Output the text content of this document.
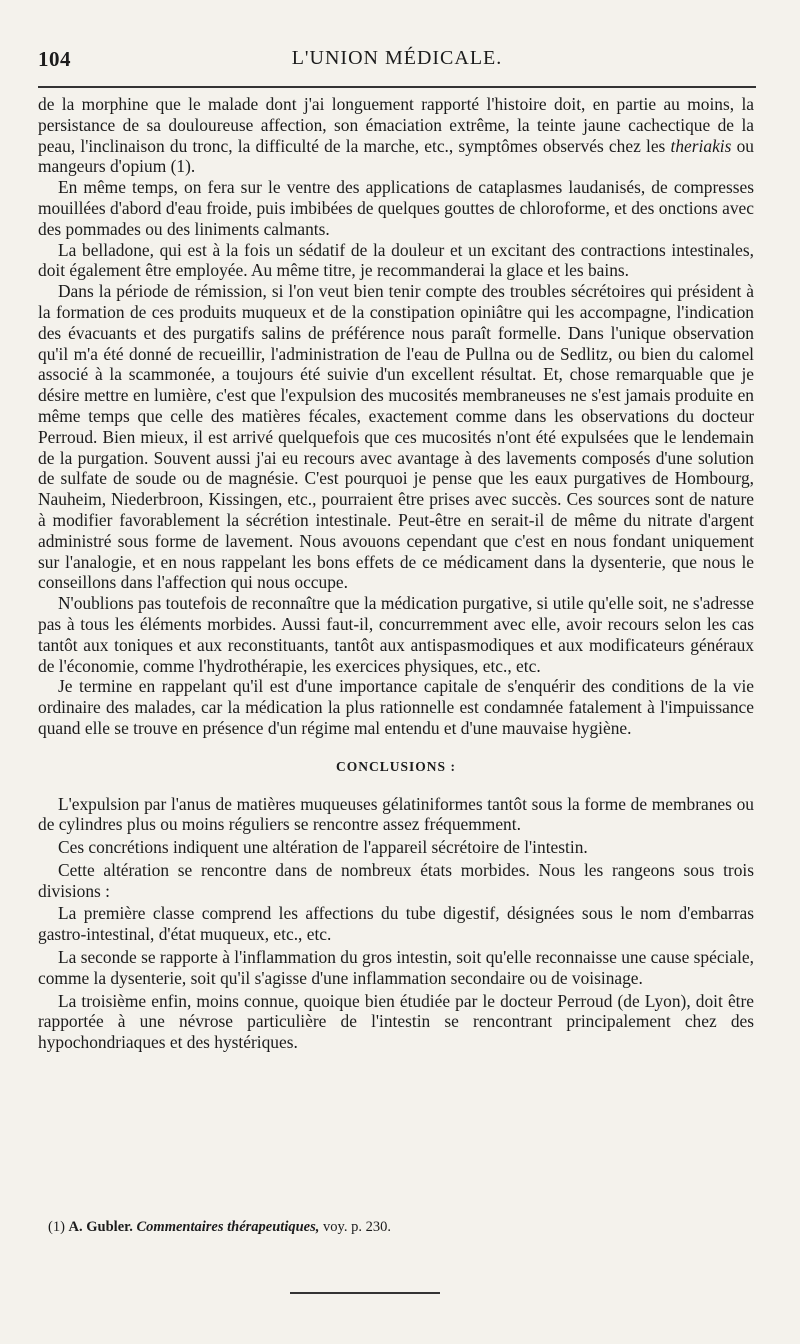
104	L'UNION MÉDICALE.

de la morphine que le malade dont j'ai longuement rapporté l'histoire doit, en partie au moins, la persistance de sa douloureuse affection, son émaciation extrême, la teinte jaune cachectique de la peau, l'inclinaison du tronc, la difficulté de la marche, etc., symptômes observés chez les theriakis ou mangeurs d'opium (1).

En même temps, on fera sur le ventre des applications de cataplasmes laudanisés, de compresses mouillées d'abord d'eau froide, puis imbibées de quelques gouttes de chloroforme, et des onctions avec des pommades ou des liniments calmants.

La belladone, qui est à la fois un sédatif de la douleur et un excitant des contractions intestinales, doit également être employée. Au même titre, je recommanderai la glace et les bains.

Dans la période de rémission, si l'on veut bien tenir compte des troubles sécrétoires qui président à la formation de ces produits muqueux et de la constipation opiniâtre qui les accompagne, l'indication des évacuants et des purgatifs salins de préférence nous paraît formelle. Dans l'unique observation qu'il m'a été donné de recueillir, l'administration de l'eau de Pullna ou de Sedlitz, ou bien du calomel associé à la scammonée, a toujours été suivie d'un excellent résultat. Et, chose remarquable que je désire mettre en lumière, c'est que l'expulsion des mucosités membraneuses ne s'est jamais produite en même temps que celle des matières fécales, exactement comme dans les observations du docteur Perroud. Bien mieux, il est arrivé quelquefois que ces mucosités n'ont été expulsées que le lendemain de la purgation. Souvent aussi j'ai eu recours avec avantage à des lavements composés d'une solution de sulfate de soude ou de magnésie. C'est pourquoi je pense que les eaux purgatives de Hombourg, Nauheim, Niederbroon, Kissingen, etc., pourraient être prises avec succès. Ces sources sont de nature à modifier favorablement la sécrétion intestinale. Peut-être en serait-il de même du nitrate d'argent administré sous forme de lavement. Nous avouons cependant que c'est en nous fondant uniquement sur l'analogie, et en nous rappelant les bons effets de ce médicament dans la dysenterie, que nous le conseillons dans l'affection qui nous occupe.

N'oublions pas toutefois de reconnaître que la médication purgative, si utile qu'elle soit, ne s'adresse pas à tous les éléments morbides. Aussi faut-il, concurremment avec elle, avoir recours selon les cas tantôt aux toniques et aux reconstituants, tantôt aux antispasmodiques et aux modificateurs généraux de l'économie, comme l'hydrothérapie, les exercices physiques, etc., etc.

Je termine en rappelant qu'il est d'une importance capitale de s'enquérir des conditions de la vie ordinaire des malades, car la médication la plus rationnelle est condamnée fatalement à l'impuissance quand elle se trouve en présence d'un régime mal entendu et d'une mauvaise hygiène.

CONCLUSIONS :

L'expulsion par l'anus de matières muqueuses gélatiniformes tantôt sous la forme de membranes ou de cylindres plus ou moins réguliers se rencontre assez fréquemment.

Ces concrétions indiquent une altération de l'appareil sécrétoire de l'intestin.

Cette altération se rencontre dans de nombreux états morbides. Nous les rangeons sous trois divisions :

La première classe comprend les affections du tube digestif, désignées sous le nom d'embarras gastro-intestinal, d'état muqueux, etc., etc.

La seconde se rapporte à l'inflammation du gros intestin, soit qu'elle reconnaisse une cause spéciale, comme la dysenterie, soit qu'il s'agisse d'une inflammation secondaire ou de voisinage.

La troisième enfin, moins connue, quoique bien étudiée par le docteur Perroud (de Lyon), doit être rapportée à une névrose particulière de l'intestin se rencontrant principalement chez des hypochondriaques et des hystériques.

(1) A. Gubler. Commentaires thérapeutiques, voy. p. 230.
